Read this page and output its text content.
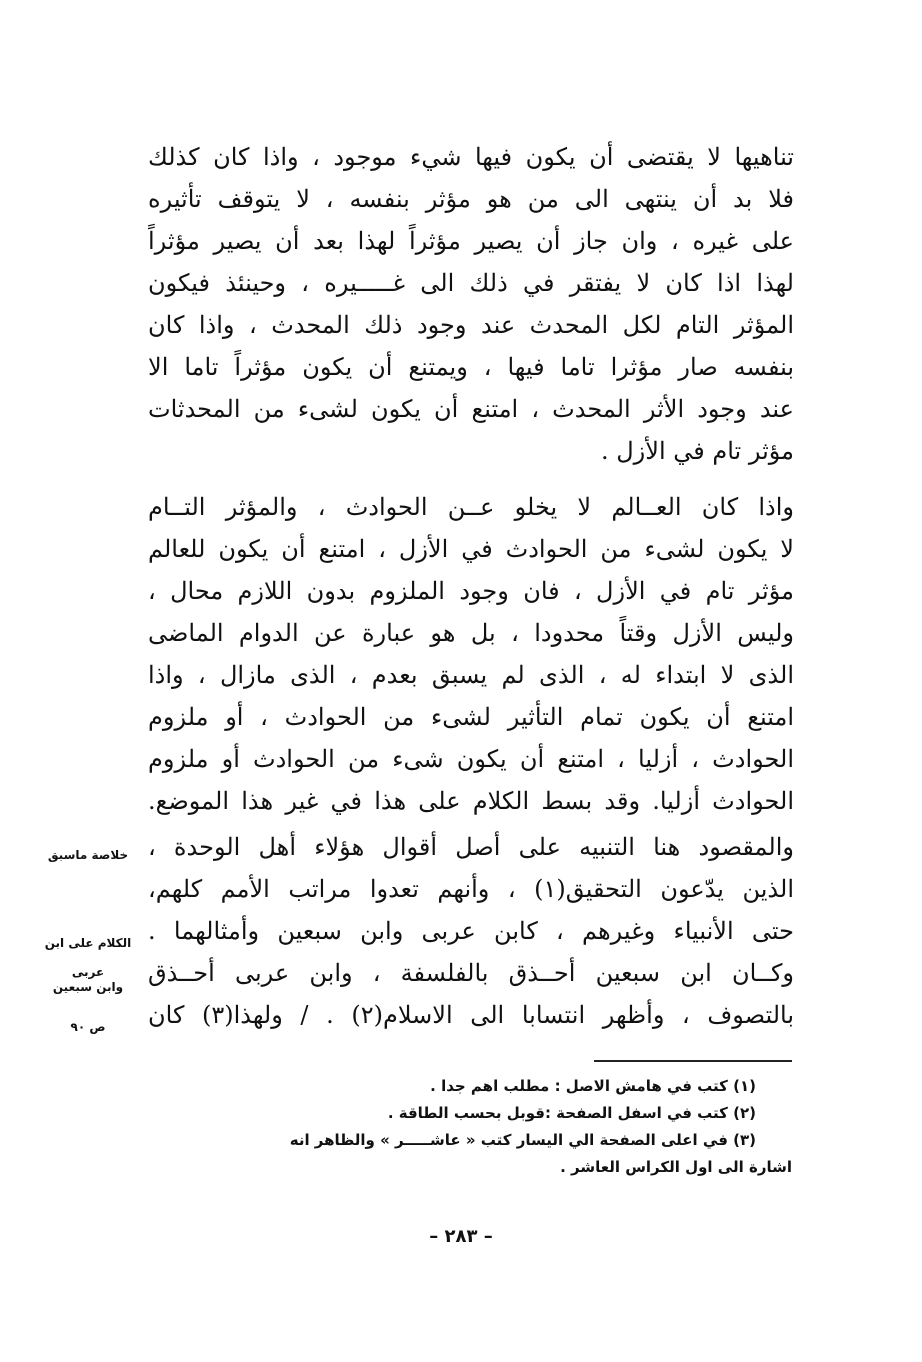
تناهيها لا يقتضى أن يكون فيها شيء موجود ، واذا كان كذلك
فلا بد أن ينتهى الى من هو مؤثر بنفسه ، لا يتوقف تأثيره
على غيره ، وان جاز أن يصير مؤثراً لهذا بعد أن يصير مؤثراً
لهذا اذا كان لا يفتقر في ذلك الى غـــــيره ، وحينئذ فيكون
المؤثر التام لكل المحدث عند وجود ذلك المحدث ، واذا كان
بنفسه صار مؤثرا تاما فيها ، ويمتنع أن يكون مؤثراً تاما الا
عند وجود الأثر المحدث ، امتنع أن يكون لشىء من المحدثات
مؤثر تام في الأزل .
واذا كان العــالم لا يخلو عــن الحوادث ، والمؤثر التــام
لا يكون لشىء من الحوادث في الأزل ، امتنع أن يكون للعالم
مؤثر تام في الأزل ، فان وجود الملزوم بدون اللازم محال ،
وليس الأزل وقتاً محدودا ، بل هو عبارة عن الدوام الماضى
الذى لا ابتداء له ، الذى لم يسبق بعدم ، الذى مازال ، واذا
امتنع أن يكون تمام التأثير لشىء من الحوادث ، أو ملزوم
الحوادث ، أزليا ، امتنع أن يكون شىء من الحوادث أو ملزوم
الحوادث أزليا. وقد بسط الكلام على هذا في غير هذا الموضع.
والمقصود هنا التنبيه على أصل أقوال هؤلاء أهل الوحدة ،
الذين يدّعون التحقيق(١) ، وأنهم تعدوا مراتب الأمم كلهم،
حتى الأنبياء وغيرهم ، كابن عربى وابن سبعين وأمثالهما .
وكــان ابن سبعين أحــذق بالفلسفة ، وابن عربى أحــذق
بالتصوف ، وأظهر انتسابا الى الاسلام(٢) . / ولهذا(٣) كان
خلاصة ماسبق
الكلام على ابن
عربى
وابن سبعين
ص ٩٠
(١) كتب في هامش الاصل : مطلب اهم جدا .
(٢) كتب في اسفل الصفحة :قوبل بحسب الطاقة .
(٣) في اعلى الصفحة الي اليسار كتب « عاشـــــر » والظاهر انه
اشارة الى اول الكراس العاشر .
– ٢٨٣ –
